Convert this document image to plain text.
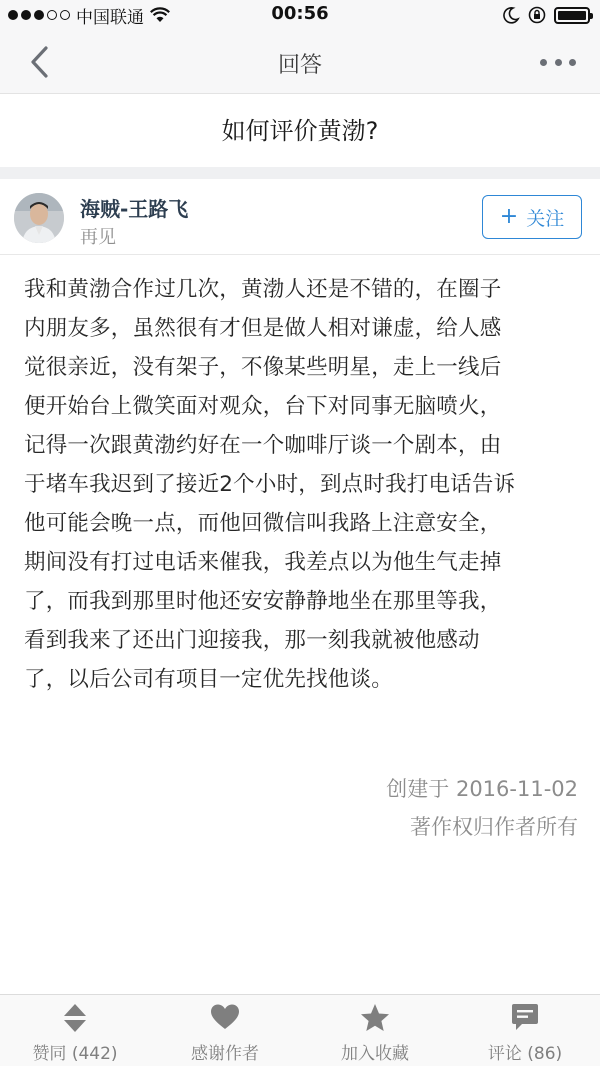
中国联通	00:56
回答
如何评价黄渤?
海贼-王路飞
再见
+ 关注
我和黄渤合作过几次，黄渤人还是不错的，在圈子
内朋友多，虽然很有才但是做人相对谦虚，给人感
觉很亲近，没有架子，不像某些明星，走上一线后
便开始台上微笑面对观众，台下对同事无脑喷火，
记得一次跟黄渤约好在一个咖啡厅谈一个剧本，由
于堵车我迟到了接近2个小时，到点时我打电话告诉
他可能会晚一点，而他回微信叫我路上注意安全，
期间没有打过电话来催我，我差点以为他生气走掉
了，而我到那里时他还安安静静地坐在那里等我，
看到我来了还出门迎接我，那一刻我就被他感动
了，以后公司有项目一定优先找他谈。
创建于 2016-11-02
著作权归作者所有
赞同 (442)	感谢作者	加入收藏	评论 (86)
